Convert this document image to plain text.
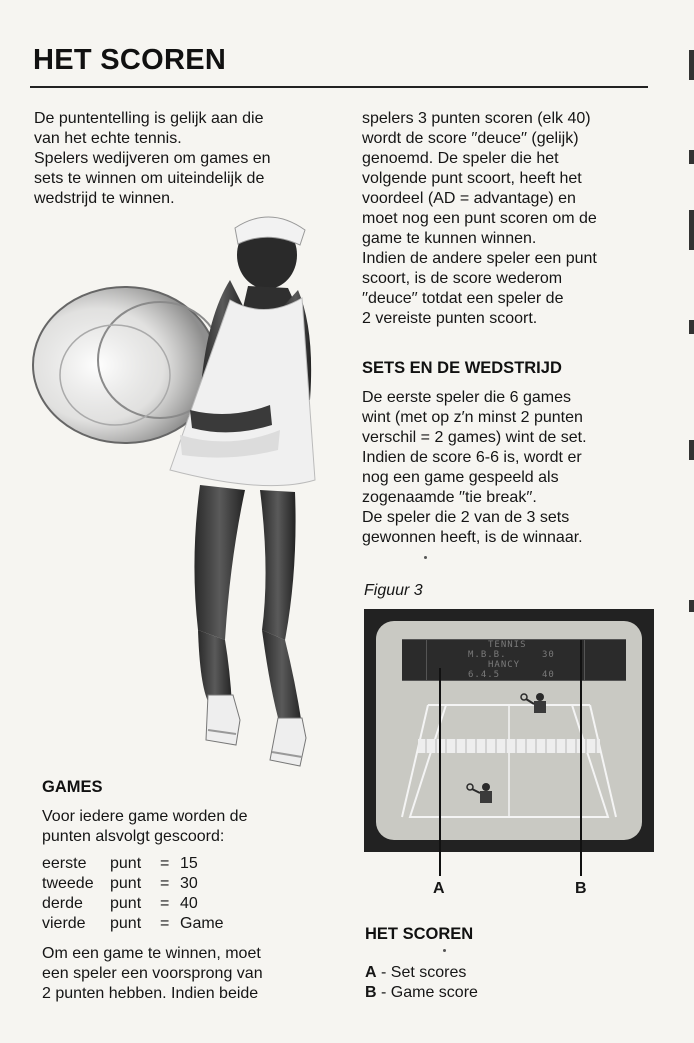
HET SCOREN

De puntentelling is gelijk aan die
van het echte tennis.
Spelers wedijveren om games en
sets te winnen om uiteindelijk de
wedstrijd te winnen.

GAMES

Voor iedere game worden de
punten alsvolgt gescoord:

eerste	punt	= 15
tweede	punt	= 30
derde	punt	= 40
vierde	punt	= Game

Om een game te winnen, moet
een speler een voorsprong van
2 punten hebben. Indien beide

spelers 3 punten scoren (elk 40)
wordt de score ′′deuce′′ (gelijk)
genoemd. De speler die het
volgende punt scoort, heeft het
voordeel (AD = advantage) en
moet nog een punt scoren om de
game te kunnen winnen.
Indien de andere speler een punt
scoort, is de score wederom
′′deuce′′ totdat een speler de
2 vereiste punten scoort.

SETS EN DE WEDSTRIJD

De eerste speler die 6 games
wint (met op z′n minst 2 punten
verschil = 2 games) wint de set.
Indien de score 6-6 is, wordt er
nog een game gespeeld als
zogenaamde ′′tie break′′.
De speler die 2 van de 3 sets
gewonnen heeft, is de winnaar.

Figuur 3
TENNIS
M.B.B.	30
HANCY
6.4.5	40
A	B
HET SCOREN
A - Set scores
B - Game score
